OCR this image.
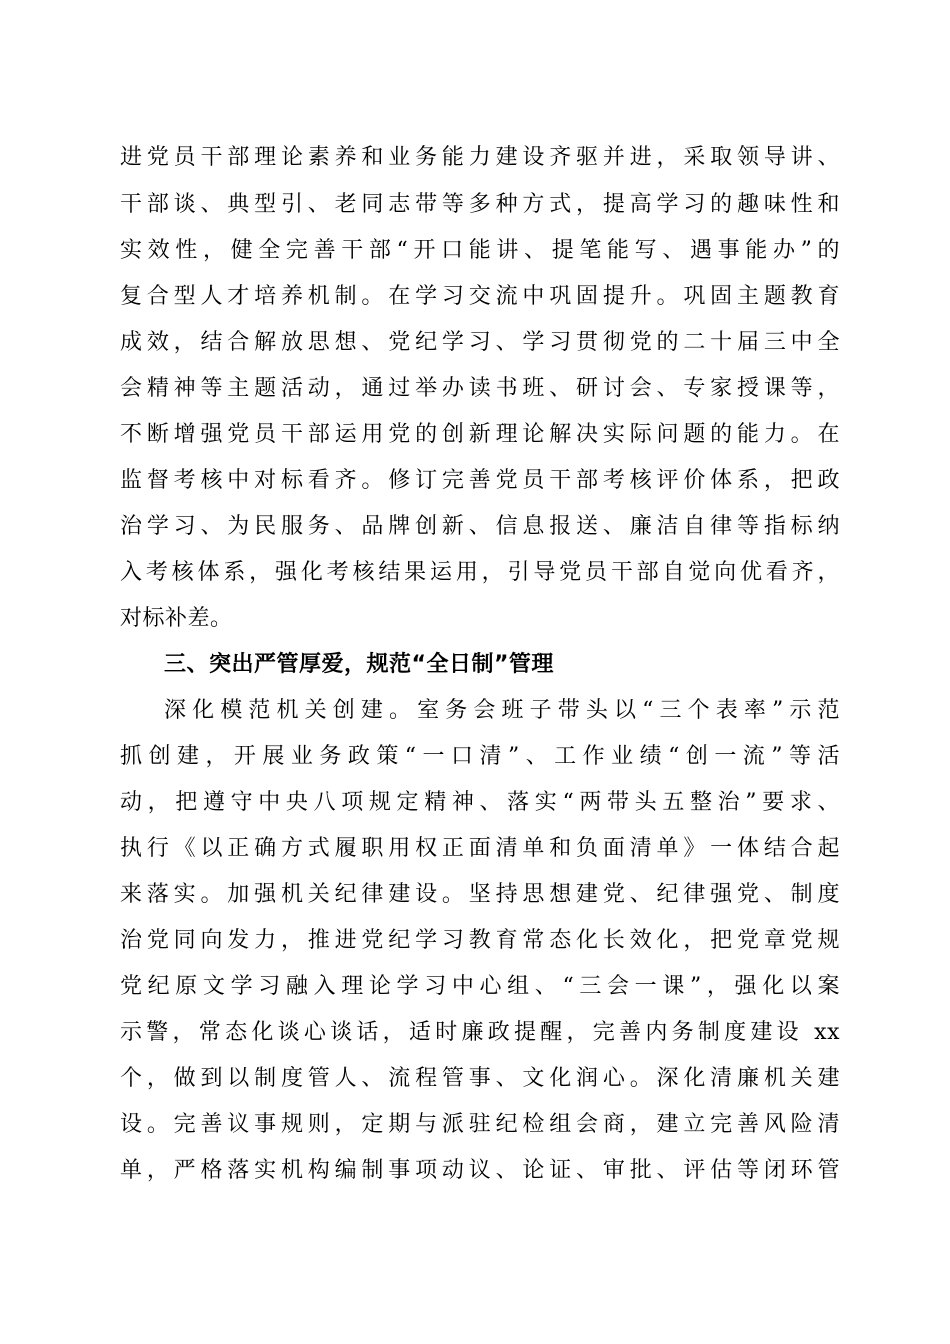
进党员干部理论素养和业务能力建设齐驱并进，采取领导讲、
干部谈、典型引、老同志带等多种方式，提高学习的趣味性和
实效性，健全完善干部“开口能讲、提笔能写、遇事能办”的
复合型人才培养机制。在学习交流中巩固提升。巩固主题教育
成效，结合解放思想、党纪学习、学习贯彻党的二十届三中全
会精神等主题活动，通过举办读书班、研讨会、专家授课等，
不断增强党员干部运用党的创新理论解决实际问题的能力。在
监督考核中对标看齐。修订完善党员干部考核评价体系，把政
治学习、为民服务、品牌创新、信息报送、廉洁自律等指标纳
入考核体系，强化考核结果运用，引导党员干部自觉向优看齐，
对标补差。
三、突出严管厚爱，规范“全日制”管理
深化模范机关创建。室务会班子带头以“三个表率”示范
抓创建，开展业务政策“一口清”、工作业绩“创一流”等活
动，把遵守中央八项规定精神、落实“两带头五整治”要求、
执行《以正确方式履职用权正面清单和负面清单》一体结合起
来落实。加强机关纪律建设。坚持思想建党、纪律强党、制度
治党同向发力，推进党纪学习教育常态化长效化，把党章党规
党纪原文学习融入理论学习中心组、“三会一课”，强化以案
示警，常态化谈心谈话，适时廉政提醒，完善内务制度建设 xx
个，做到以制度管人、流程管事、文化润心。深化清廉机关建
设。完善议事规则，定期与派驻纪检组会商，建立完善风险清
单，严格落实机构编制事项动议、论证、审批、评估等闭环管
